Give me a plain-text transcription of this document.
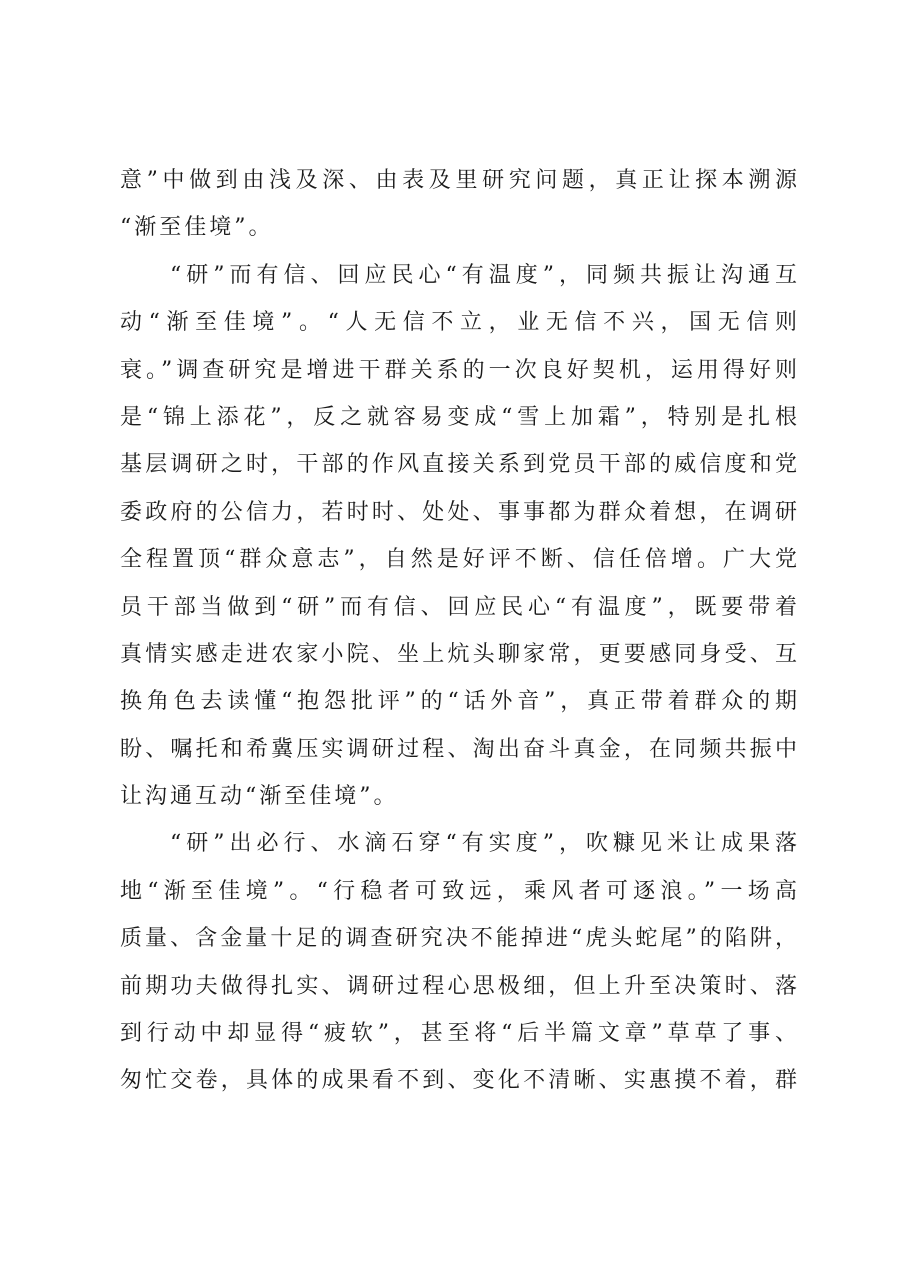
意”中做到由浅及深、由表及里研究问题，真正让探本溯源
“渐至佳境”。
“研”而有信、回应民心“有温度”，同频共振让沟通互
动“渐至佳境”。“人无信不立，业无信不兴，国无信则
衰。”调查研究是增进干群关系的一次良好契机，运用得好则
是“锦上添花”，反之就容易变成“雪上加霜”，特别是扎根
基层调研之时，干部的作风直接关系到党员干部的威信度和党
委政府的公信力，若时时、处处、事事都为群众着想，在调研
全程置顶“群众意志”，自然是好评不断、信任倍增。广大党
员干部当做到“研”而有信、回应民心“有温度”，既要带着
真情实感走进农家小院、坐上炕头聊家常，更要感同身受、互
换角色去读懂“抱怨批评”的“话外音”，真正带着群众的期
盼、嘱托和希冀压实调研过程、淘出奋斗真金，在同频共振中
让沟通互动“渐至佳境”。
“研”出必行、水滴石穿“有实度”，吹糠见米让成果落
地“渐至佳境”。“行稳者可致远，乘风者可逐浪。”一场高
质量、含金量十足的调查研究决不能掉进“虎头蛇尾”的陷阱，
前期功夫做得扎实、调研过程心思极细，但上升至决策时、落
到行动中却显得“疲软”，甚至将“后半篇文章”草草了事、
匆忙交卷，具体的成果看不到、变化不清晰、实惠摸不着，群
